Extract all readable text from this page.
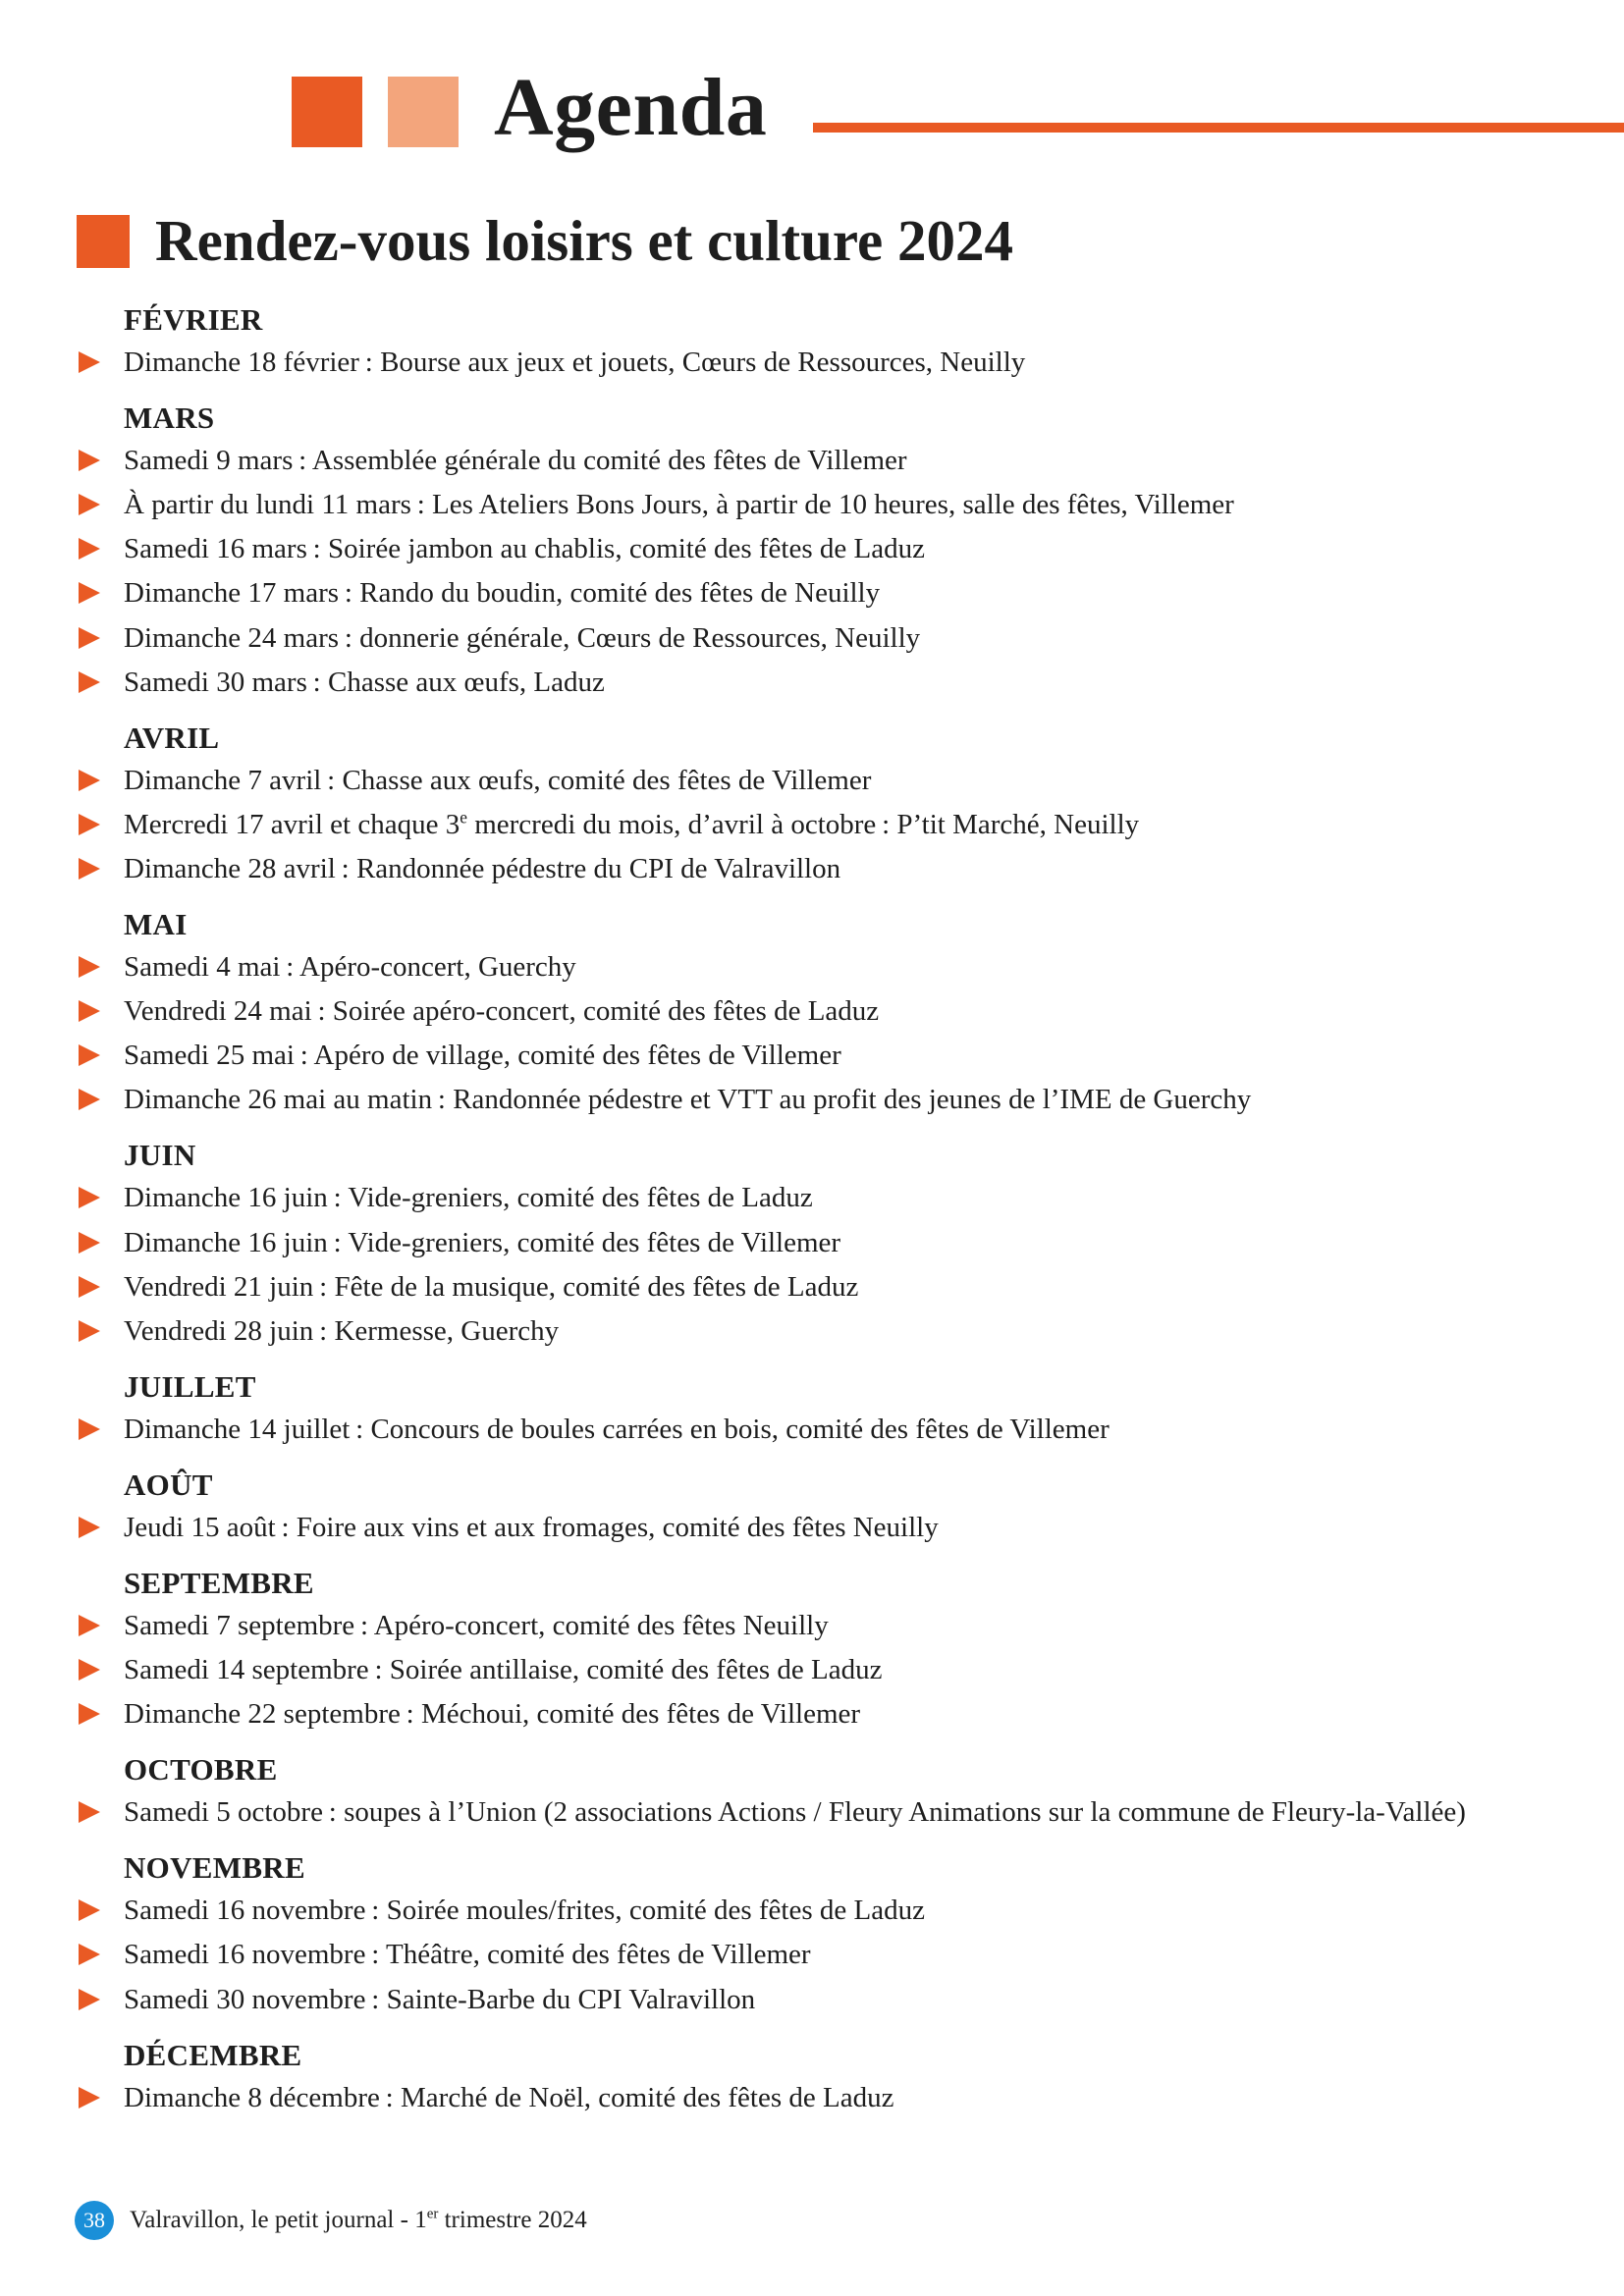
Agenda
Rendez-vous loisirs et culture 2024
FÉVRIER
Dimanche 18 février : Bourse aux jeux et jouets, Cœurs de Ressources, Neuilly
MARS
Samedi 9 mars : Assemblée générale du comité des fêtes de Villemer
À partir du lundi 11 mars : Les Ateliers Bons Jours, à partir de 10 heures, salle des fêtes, Villemer
Samedi 16 mars : Soirée jambon au chablis, comité des fêtes de Laduz
Dimanche 17 mars : Rando du boudin, comité des fêtes de Neuilly
Dimanche 24 mars : donnerie générale, Cœurs de Ressources, Neuilly
Samedi 30 mars : Chasse aux œufs, Laduz
AVRIL
Dimanche 7 avril : Chasse aux œufs, comité des fêtes de Villemer
Mercredi 17 avril et chaque 3e mercredi du mois, d’avril à octobre : P’tit Marché, Neuilly
Dimanche 28 avril : Randonnée pédestre du CPI de Valravillon
MAI
Samedi 4 mai : Apéro-concert, Guerchy
Vendredi 24 mai : Soirée apéro-concert, comité des fêtes de Laduz
Samedi 25 mai : Apéro de village, comité des fêtes de Villemer
Dimanche 26 mai au matin : Randonnée pédestre et VTT au profit des jeunes de l’IME de Guerchy
JUIN
Dimanche 16 juin : Vide-greniers, comité des fêtes de Laduz
Dimanche 16 juin : Vide-greniers, comité des fêtes de Villemer
Vendredi 21 juin : Fête de la musique, comité des fêtes de Laduz
Vendredi 28 juin : Kermesse, Guerchy
JUILLET
Dimanche 14 juillet : Concours de boules carrées en bois, comité des fêtes de Villemer
AOÛT
Jeudi 15 août : Foire aux vins et aux fromages, comité des fêtes Neuilly
SEPTEMBRE
Samedi 7 septembre : Apéro-concert, comité des fêtes Neuilly
Samedi 14 septembre : Soirée antillaise, comité des fêtes de Laduz
Dimanche 22 septembre : Méchoui, comité des fêtes de Villemer
OCTOBRE
Samedi 5 octobre : soupes à l’Union (2 associations Actions / Fleury Animations sur la commune de Fleury-la-Vallée)
NOVEMBRE
Samedi 16 novembre : Soirée moules/frites, comité des fêtes de Laduz
Samedi 16 novembre : Théâtre, comité des fêtes de Villemer
Samedi 30 novembre : Sainte-Barbe du CPI Valravillon
DÉCEMBRE
Dimanche 8 décembre : Marché de Noël, comité des fêtes de Laduz
38	Valravillon, le petit journal - 1er trimestre 2024
